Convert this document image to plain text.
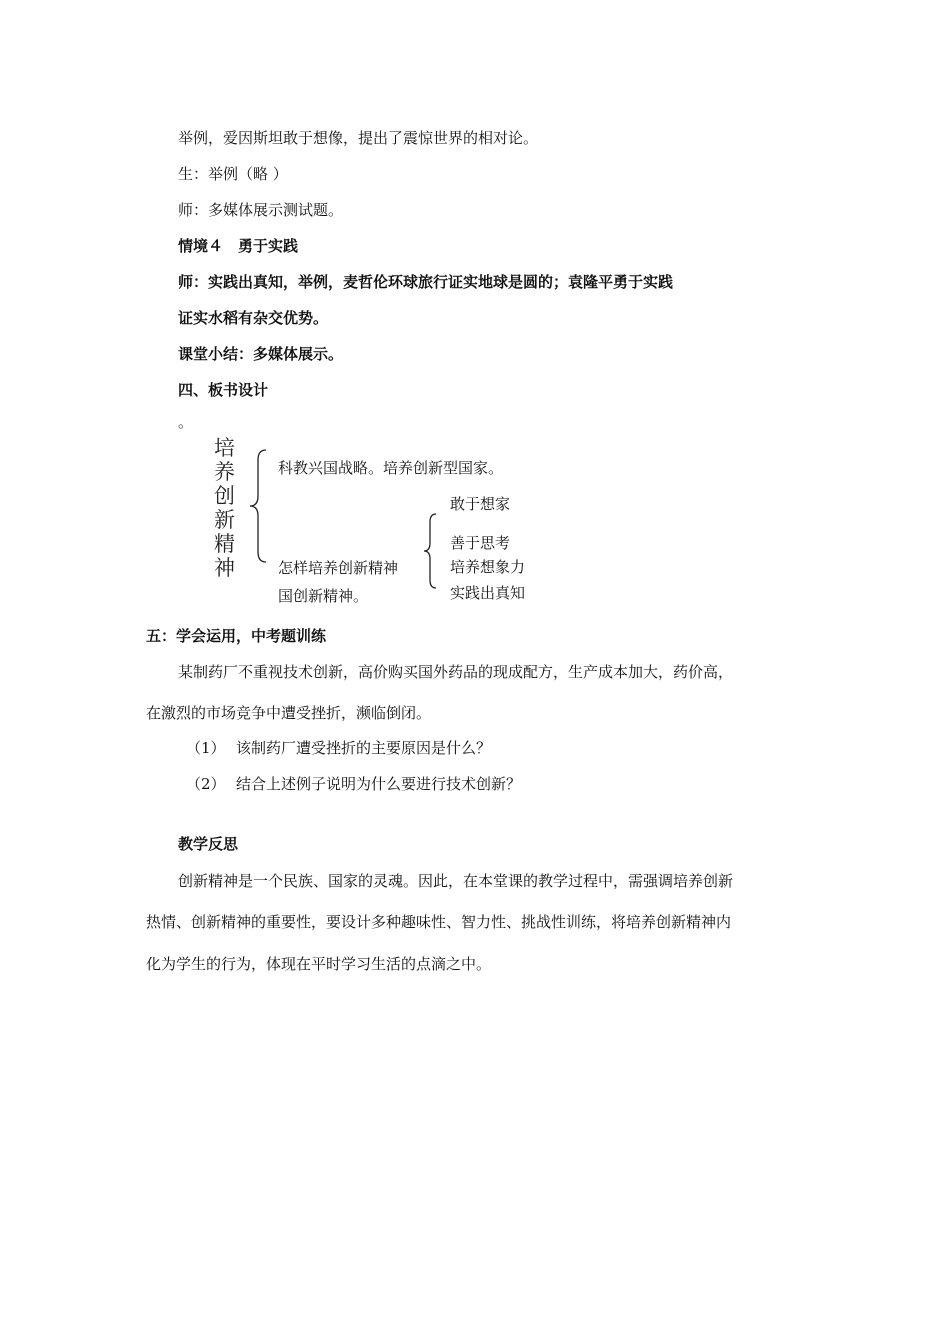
举例，爱因斯坦敢于想像，提出了震惊世界的相对论。
生：举例（略 ）
师：多媒体展示测试题。
情境４　勇于实践
师：实践出真知，举例，麦哲伦环球旅行证实地球是圆的；袁隆平勇于实践
证实水稻有杂交优势。
课堂小结：多媒体展示。
四、板书设计
。
培
养
创
新
精
神
科教兴国战略。培养创新型国家。
怎样培养创新精神
国创新精神。
敢于想家
善于思考
培养想象力
实践出真知
五：学会运用，中考题训练
某制药厂不重视技术创新，高价购买国外药品的现成配方，生产成本加大，药价高，
在激烈的市场竞争中遭受挫折，濒临倒闭。
（1） 该制药厂遭受挫折的主要原因是什么？
（2） 结合上述例子说明为什么要进行技术创新？
教学反思
创新精神是一个民族、国家的灵魂。因此，在本堂课的教学过程中，需强调培养创新
热情、创新精神的重要性，要设计多种趣味性、智力性、挑战性训练，将培养创新精神内
化为学生的行为，体现在平时学习生活的点滴之中。
